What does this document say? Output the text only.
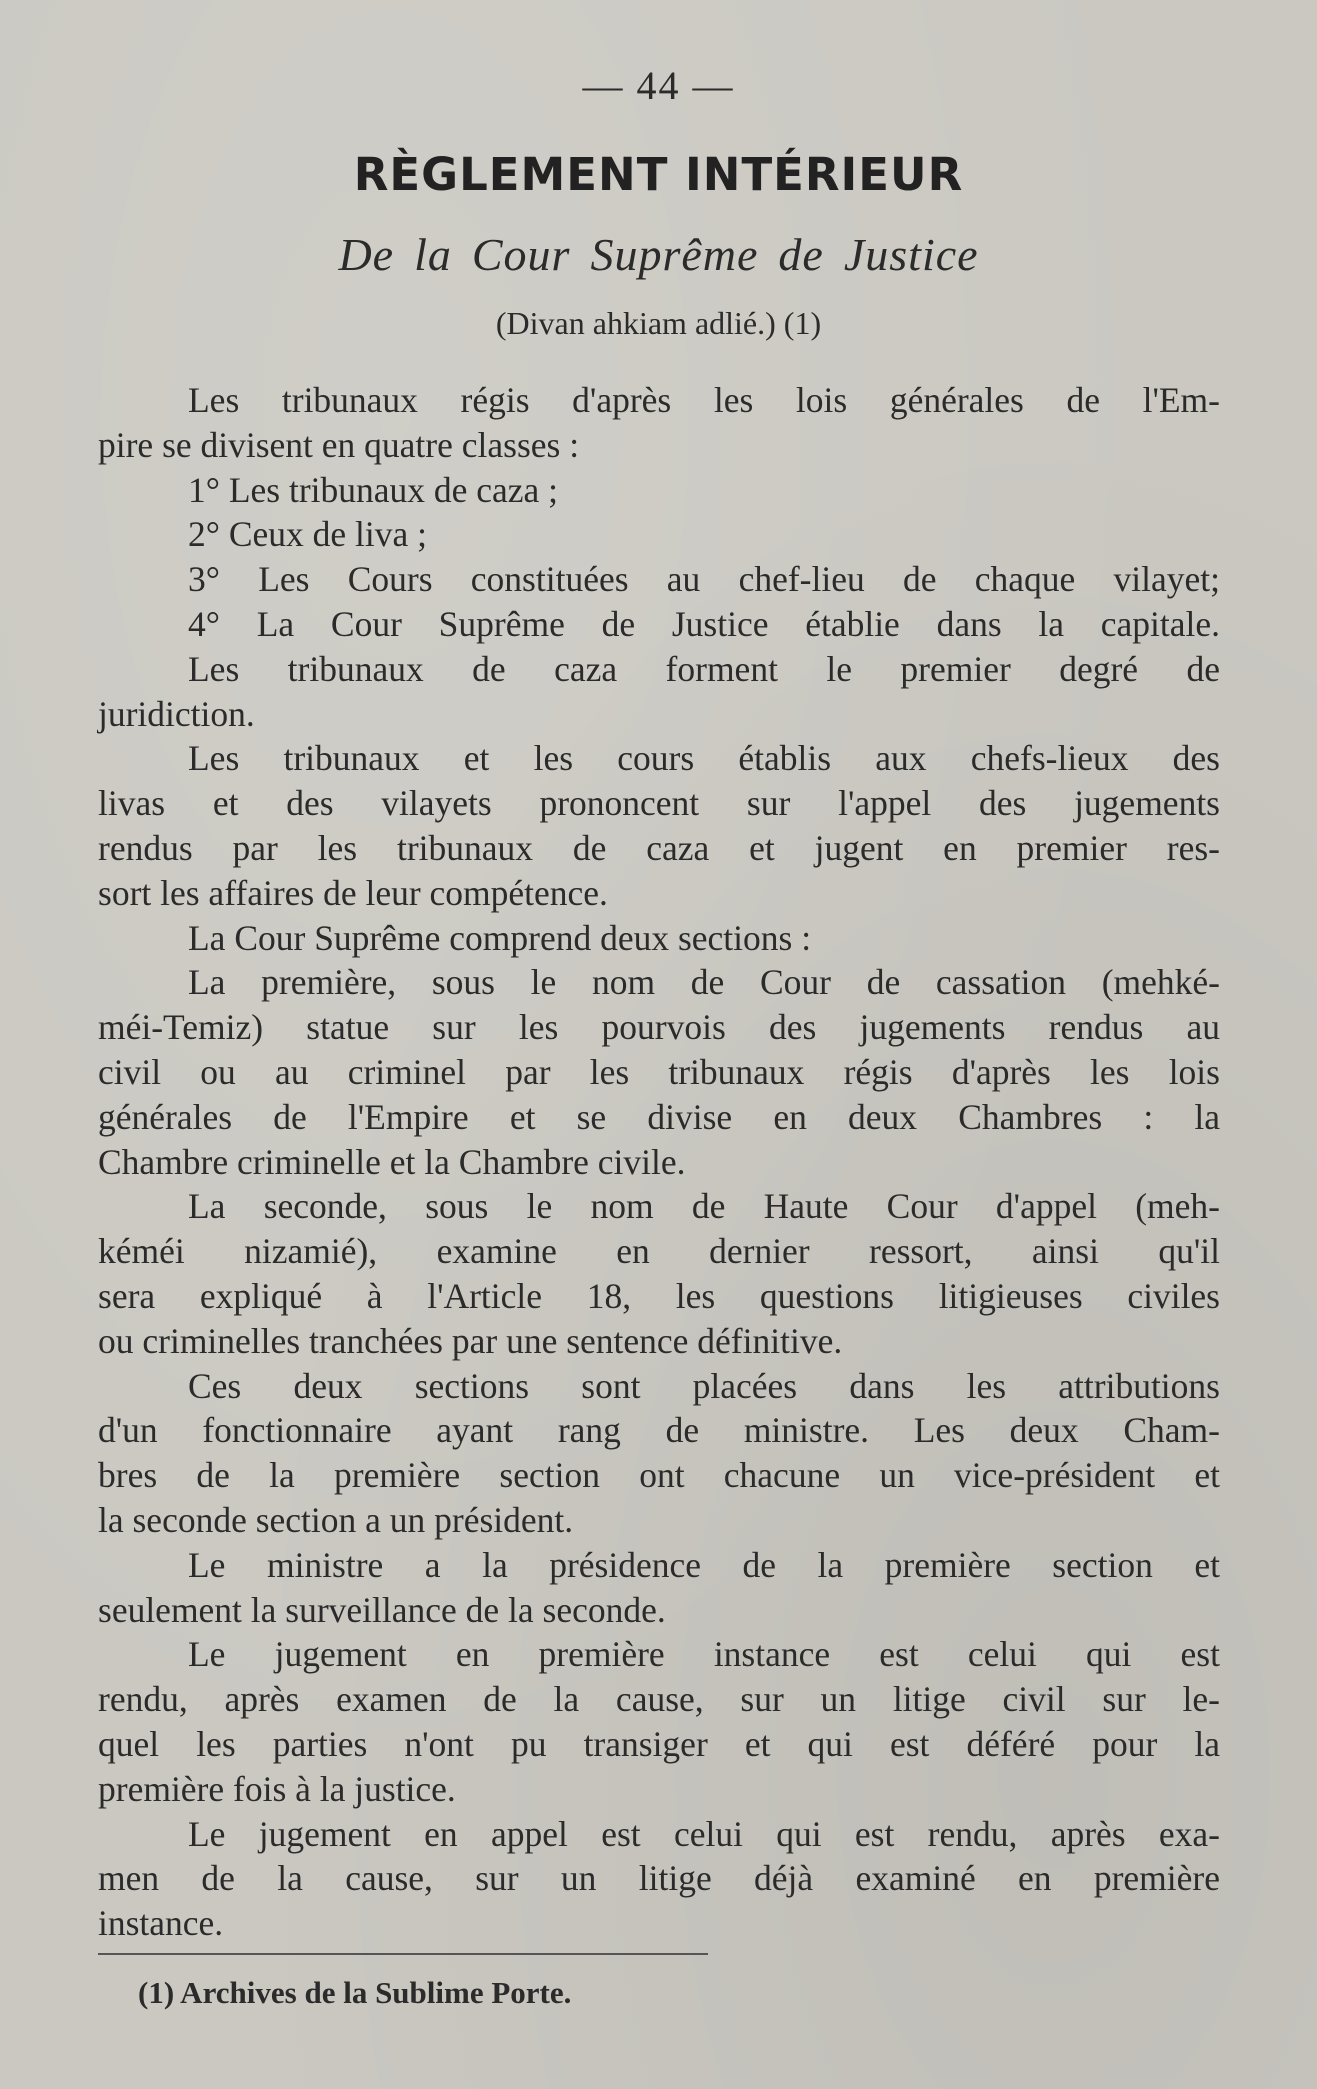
— 44 —
RÈGLEMENT INTÉRIEUR
De la Cour Suprême de Justice
(Divan ahkiam adlié.) (1)
Les tribunaux régis d'après les lois générales de l'Em-
pire se divisent en quatre classes :
1° Les tribunaux de caza ;
2° Ceux de liva ;
3° Les Cours constituées au chef-lieu de chaque vilayet;
4° La Cour Suprême de Justice établie dans la capitale.
Les tribunaux de caza forment le premier degré de
juridiction.
Les tribunaux et les cours établis aux chefs-lieux des
livas et des vilayets prononcent sur l'appel des jugements
rendus par les tribunaux de caza et jugent en premier res-
sort les affaires de leur compétence.
La Cour Suprême comprend deux sections :
La première, sous le nom de Cour de cassation (mehké-
méi-Temiz) statue sur les pourvois des jugements rendus au
civil ou au criminel par les tribunaux régis d'après les lois
générales de l'Empire et se divise en deux Chambres : la
Chambre criminelle et la Chambre civile.
La seconde, sous le nom de Haute Cour d'appel (meh-
kéméi nizamié), examine en dernier ressort, ainsi qu'il
sera expliqué à l'Article 18, les questions litigieuses civiles
ou criminelles tranchées par une sentence définitive.
Ces deux sections sont placées dans les attributions
d'un fonctionnaire ayant rang de ministre. Les deux Cham-
bres de la première section ont chacune un vice-président et
la seconde section a un président.
Le ministre a la présidence de la première section et
seulement la surveillance de la seconde.
Le jugement en première instance est celui qui est
rendu, après examen de la cause, sur un litige civil sur le-
quel les parties n'ont pu transiger et qui est déféré pour la
première fois à la justice.
Le jugement en appel est celui qui est rendu, après exa-
men de la cause, sur un litige déjà examiné en première
instance.
(1) Archives de la Sublime Porte.
